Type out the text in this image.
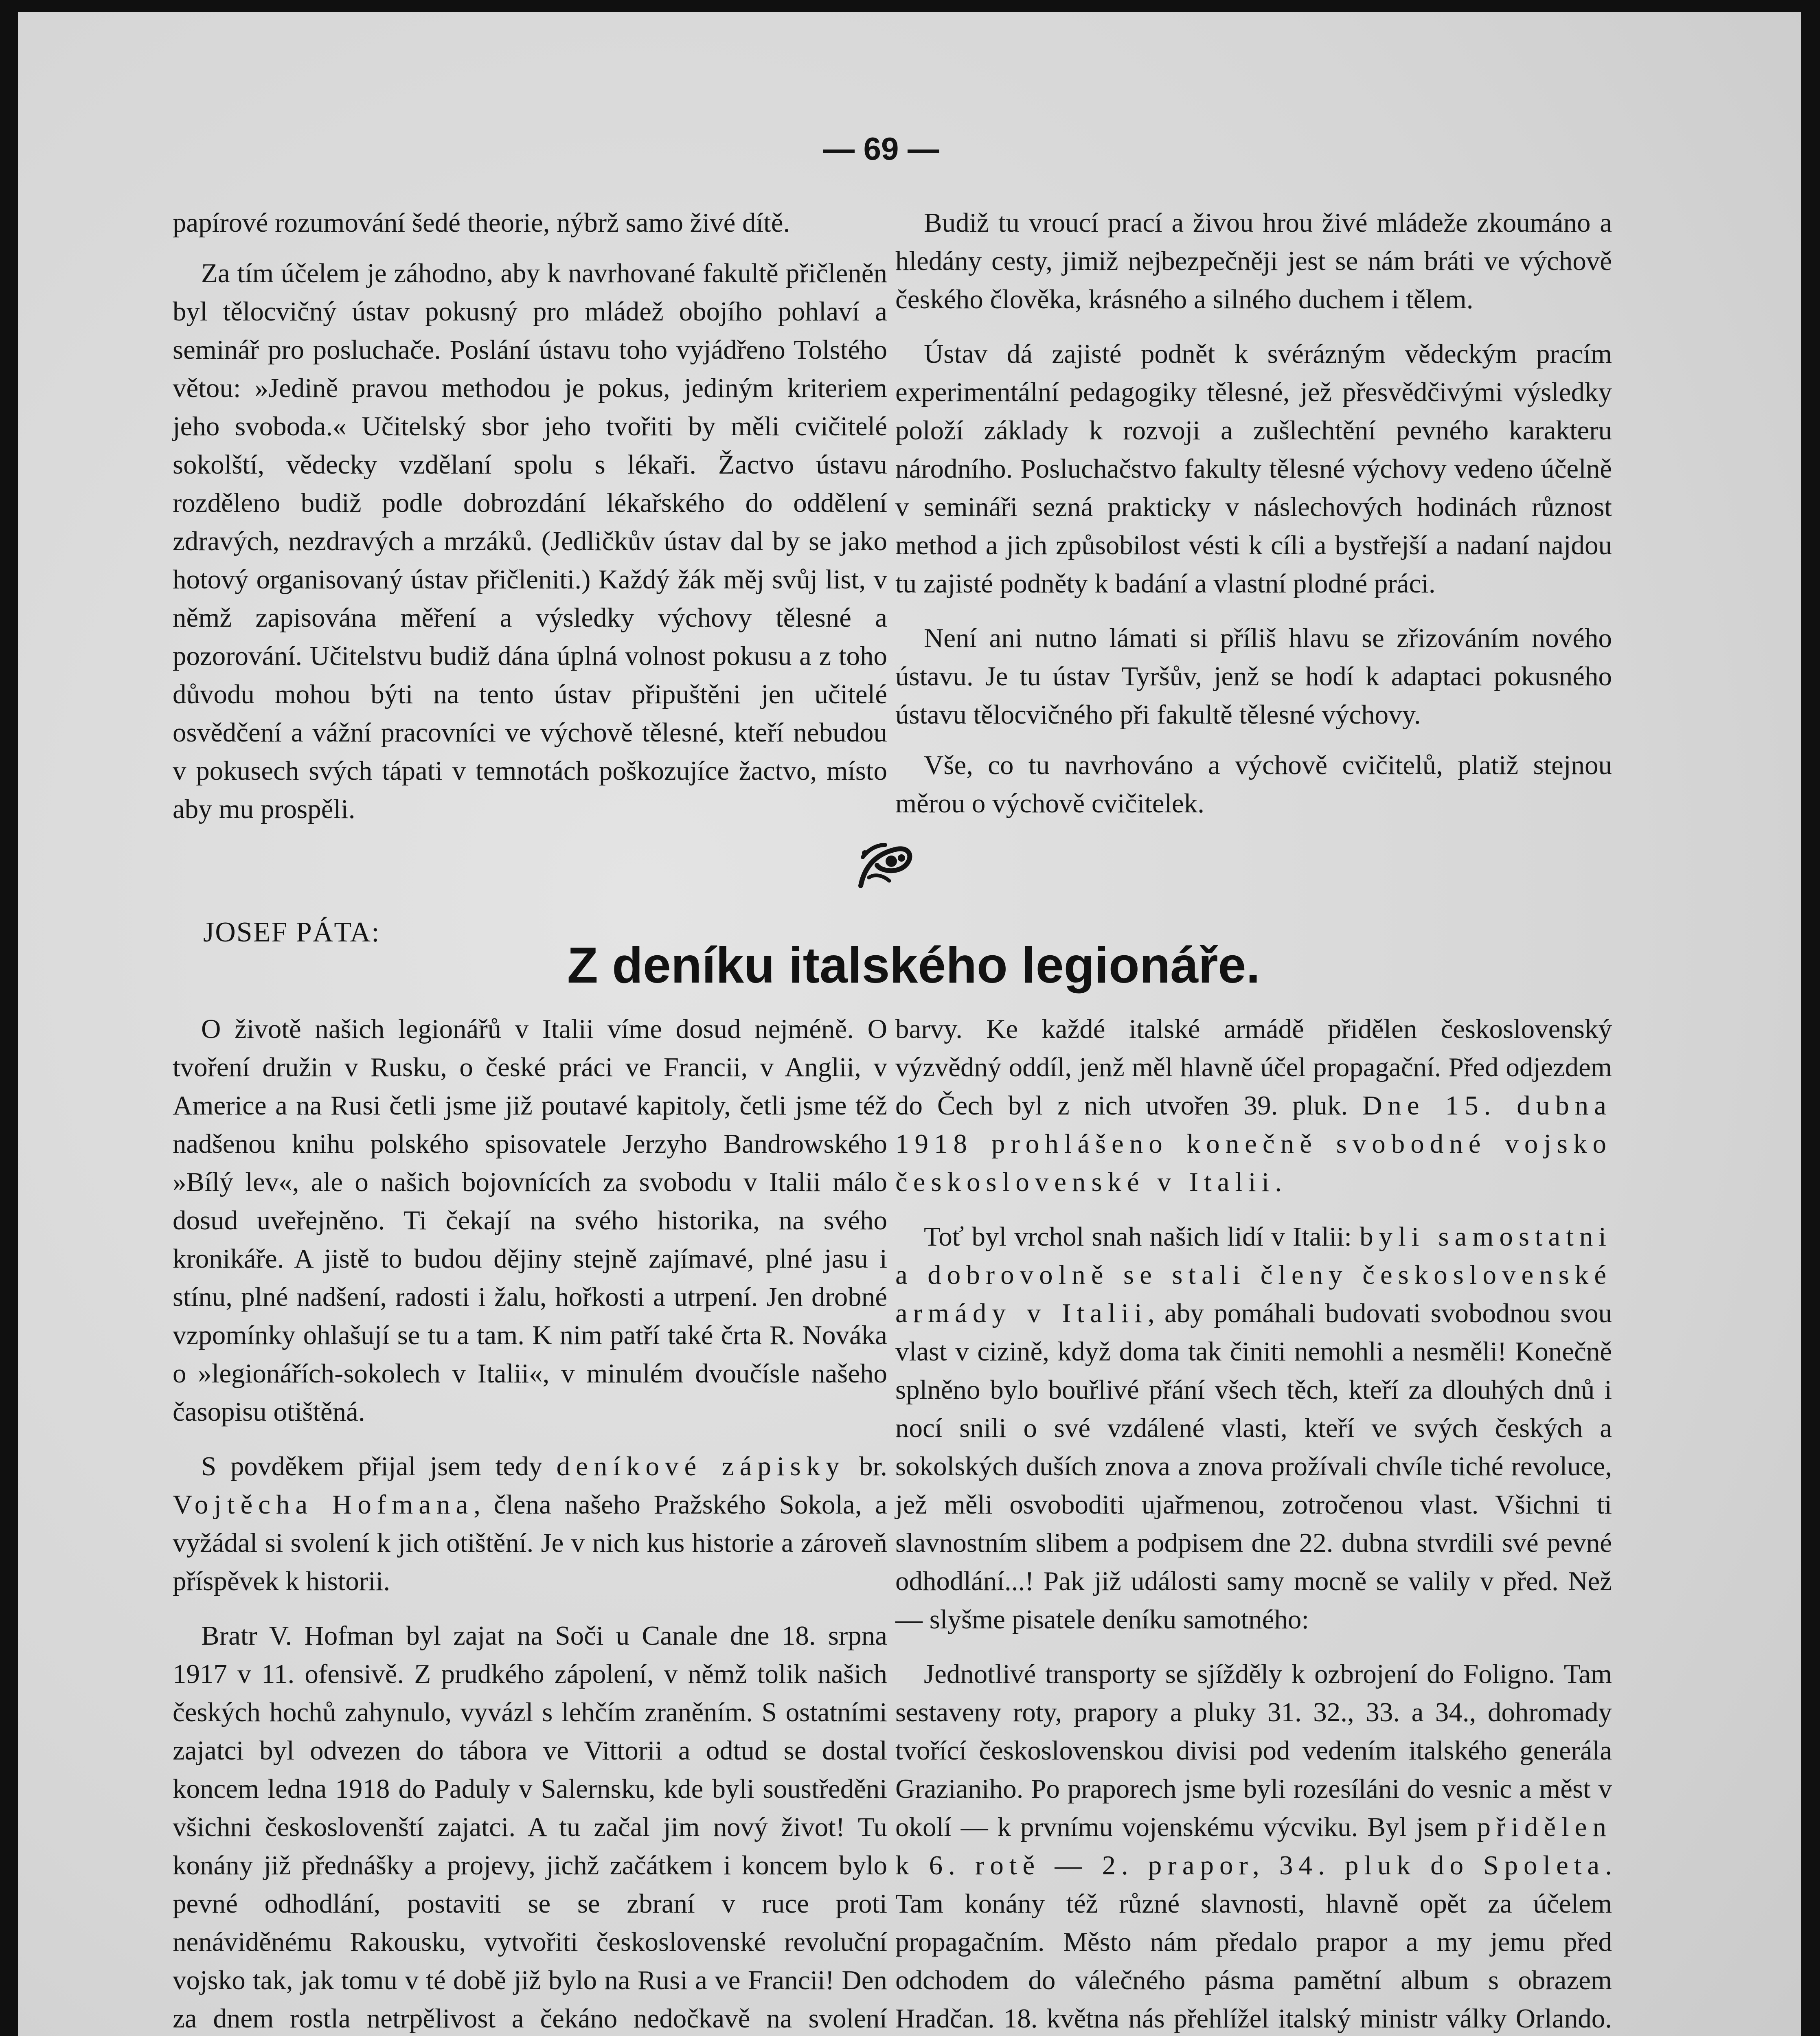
— 69 —

papírové rozumování šedé theorie, nýbrž samo živé dítě.

Za tím účelem je záhodno, aby k navrhované fakultě přičleněn byl tělocvičný ústav pokusný pro mládež obojího pohlaví a seminář pro posluchače. Poslání ústavu toho vyjádřeno Tolstého větou: »Jedině pravou methodou je pokus, jediným kriteriem jeho svoboda.« Učitelský sbor jeho tvořiti by měli cvičitelé sokolští, vědecky vzdělaní spolu s lékaři. Žactvo ústavu rozděleno budiž podle dobrozdání lékařského do oddělení zdravých, nezdravých a mrzáků. (Jedličkův ústav dal by se jako hotový organisovaný ústav přičleniti.) Každý žák měj svůj list, v němž zapisována měření a výsledky výchovy tělesné a pozorování. Učitelstvu budiž dána úplná volnost pokusu a z toho důvodu mohou býti na tento ústav připuštěni jen učitelé osvědčení a vážní pracovníci ve výchově tělesné, kteří nebudou v pokusech svých tápati v temnotách poškozujíce žactvo, místo aby mu prospěli.

Budiž tu vroucí prací a živou hrou živé mládeže zkoumáno a hledány cesty, jimiž nejbezpečněji jest se nám bráti ve výchově českého člověka, krásného a silného duchem i tělem.

Ústav dá zajisté podnět k svérázným vědeckým pracím experimentální pedagogiky tělesné, jež přesvědčivými výsledky položí základy k rozvoji a zušlechtění pevného karakteru národního. Posluchačstvo fakulty tělesné výchovy vedeno účelně v semináři sezná prakticky v náslechových hodinách různost method a jich způsobilost vésti k cíli a bystřejší a nadaní najdou tu zajisté podněty k badání a vlastní plodné práci.

Není ani nutno lámati si příliš hlavu se zřizováním nového ústavu. Je tu ústav Tyršův, jenž se hodí k adaptaci pokusného ústavu tělocvičného při fakultě tělesné výchovy.

Vše, co tu navrhováno a výchově cvičitelů, platiž stejnou měrou o výchově cvičitelek.

JOSEF PÁTA:
Z deníku italského legionáře.

O životě našich legionářů v Italii víme dosud nejméně. O tvoření družin v Rusku, o české práci ve Francii, v Anglii, v Americe a na Rusi četli jsme již poutavé kapitoly, četli jsme též nadšenou knihu polského spisovatele Jerzyho Bandrowského »Bílý lev«, ale o našich bojovnících za svobodu v Italii málo dosud uveřejněno. Ti čekají na svého historika, na svého kronikáře. A jistě to budou dějiny stejně zajímavé, plné jasu i stínu, plné nadšení, radosti i žalu, hořkosti a utrpení. Jen drobné vzpomínky ohlašují se tu a tam. K nim patří také črta R. Nováka o »legionářích-sokolech v Italii«, v minulém dvoučísle našeho časopisu otištěná.

S povděkem přijal jsem tedy deníkové zápisky br. Vojtěcha Hofmana, člena našeho Pražského Sokola, a vyžádal si svolení k jich otištění. Je v nich kus historie a zároveň příspěvek k historii.

Bratr V. Hofman byl zajat na Soči u Canale dne 18. srpna 1917 v 11. ofensivě. Z prudkého zápolení, v němž tolik našich českých hochů zahynulo, vyvázl s lehčím zraněním. S ostatními zajatci byl odvezen do tábora ve Vittorii a odtud se dostal koncem ledna 1918 do Paduly v Salernsku, kde byli soustředěni všichni českoslovenští zajatci. A tu začal jim nový život! Tu konány již přednášky a projevy, jichž začátkem i koncem bylo pevné odhodlání, postaviti se se zbraní v ruce proti nenáviděnému Rakousku, vytvořiti československé revoluční vojsko tak, jak tomu v té době již bylo na Rusi a ve Francii! Den za dnem rostla netrpělivost a čekáno nedočkavě na svolení

barvy. Ke každé italské armádě přidělen československý výzvědný oddíl, jenž měl hlavně účel propagační. Před odjezdem do Čech byl z nich utvořen 39. pluk. Dne 15. dubna 1918 prohlášeno konečně svobodné vojsko československé v Italii.

Toť byl vrchol snah našich lidí v Italii: byli samostatni a dobrovolně se stali členy československé armády v Italii, aby pomáhali budovati svobodnou svou vlast v cizině, když doma tak činiti nemohli a nesměli! Konečně splněno bylo bouřlivé přání všech těch, kteří za dlouhých dnů i nocí snili o své vzdálené vlasti, kteří ve svých českých a sokolských duších znova a znova prožívali chvíle tiché revoluce, jež měli osvoboditi ujařmenou, zotročenou vlast. Všichni ti slavnostním slibem a podpisem dne 22. dubna stvrdili své pevné odhodlání...! Pak již události samy mocně se valily v před. Než — slyšme pisatele deníku samotného:

Jednotlivé transporty se sjížděly k ozbrojení do Foligno. Tam sestaveny roty, prapory a pluky 31. 32., 33. a 34., dohromady tvořící československou divisi pod vedením italského generála Grazianiho. Po praporech jsme byli rozesíláni do vesnic a měst v okolí — k prvnímu vojenskému výcviku. Byl jsem přidělen k 6. rotě — 2. prapor, 34. pluk do Spoleta. Tam konány též různé slavnosti, hlavně opět za účelem propagačním. Město nám předalo prapor a my jemu před odchodem do válečného pásma pamětní album s obrazem Hradčan. 18. května nás přehlížel italský ministr války Orlando.
